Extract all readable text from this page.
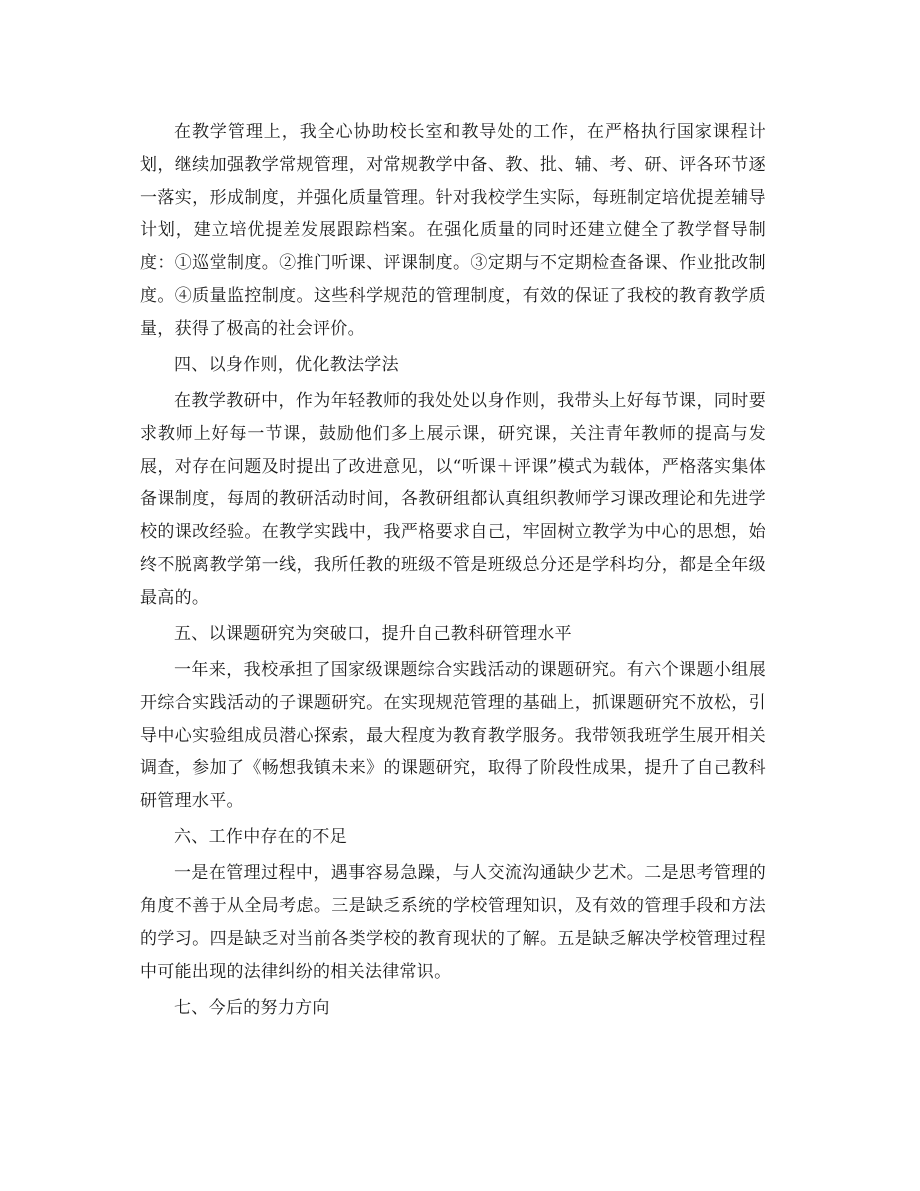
在教学管理上，我全心协助校长室和教导处的工作，在严格执行国家课程计划，继续加强教学常规管理，对常规教学中备、教、批、辅、考、研、评各环节逐一落实，形成制度，并强化质量管理。针对我校学生实际，每班制定培优提差辅导计划，建立培优提差发展跟踪档案。在强化质量的同时还建立健全了教学督导制度：①巡堂制度。②推门听课、评课制度。③定期与不定期检查备课、作业批改制度。④质量监控制度。这些科学规范的管理制度，有效的保证了我校的教育教学质量，获得了极高的社会评价。

四、以身作则，优化教法学法

在教学教研中，作为年轻教师的我处处以身作则，我带头上好每节课，同时要求教师上好每一节课，鼓励他们多上展示课，研究课，关注青年教师的提高与发展，对存在问题及时提出了改进意见，以“听课＋评课”模式为载体，严格落实集体备课制度，每周的教研活动时间，各教研组都认真组织教师学习课改理论和先进学校的课改经验。在教学实践中，我严格要求自己，牢固树立教学为中心的思想，始终不脱离教学第一线，我所任教的班级不管是班级总分还是学科均分，都是全年级最高的。

五、以课题研究为突破口，提升自己教科研管理水平

一年来，我校承担了国家级课题综合实践活动的课题研究。有六个课题小组展开综合实践活动的子课题研究。在实现规范管理的基础上，抓课题研究不放松，引导中心实验组成员潜心探索，最大程度为教育教学服务。我带领我班学生展开相关调查，参加了《畅想我镇未来》的课题研究，取得了阶段性成果，提升了自己教科研管理水平。

六、工作中存在的不足

一是在管理过程中，遇事容易急躁，与人交流沟通缺少艺术。二是思考管理的角度不善于从全局考虑。三是缺乏系统的学校管理知识，及有效的管理手段和方法的学习。四是缺乏对当前各类学校的教育现状的了解。五是缺乏解决学校管理过程中可能出现的法律纠纷的相关法律常识。

七、今后的努力方向
